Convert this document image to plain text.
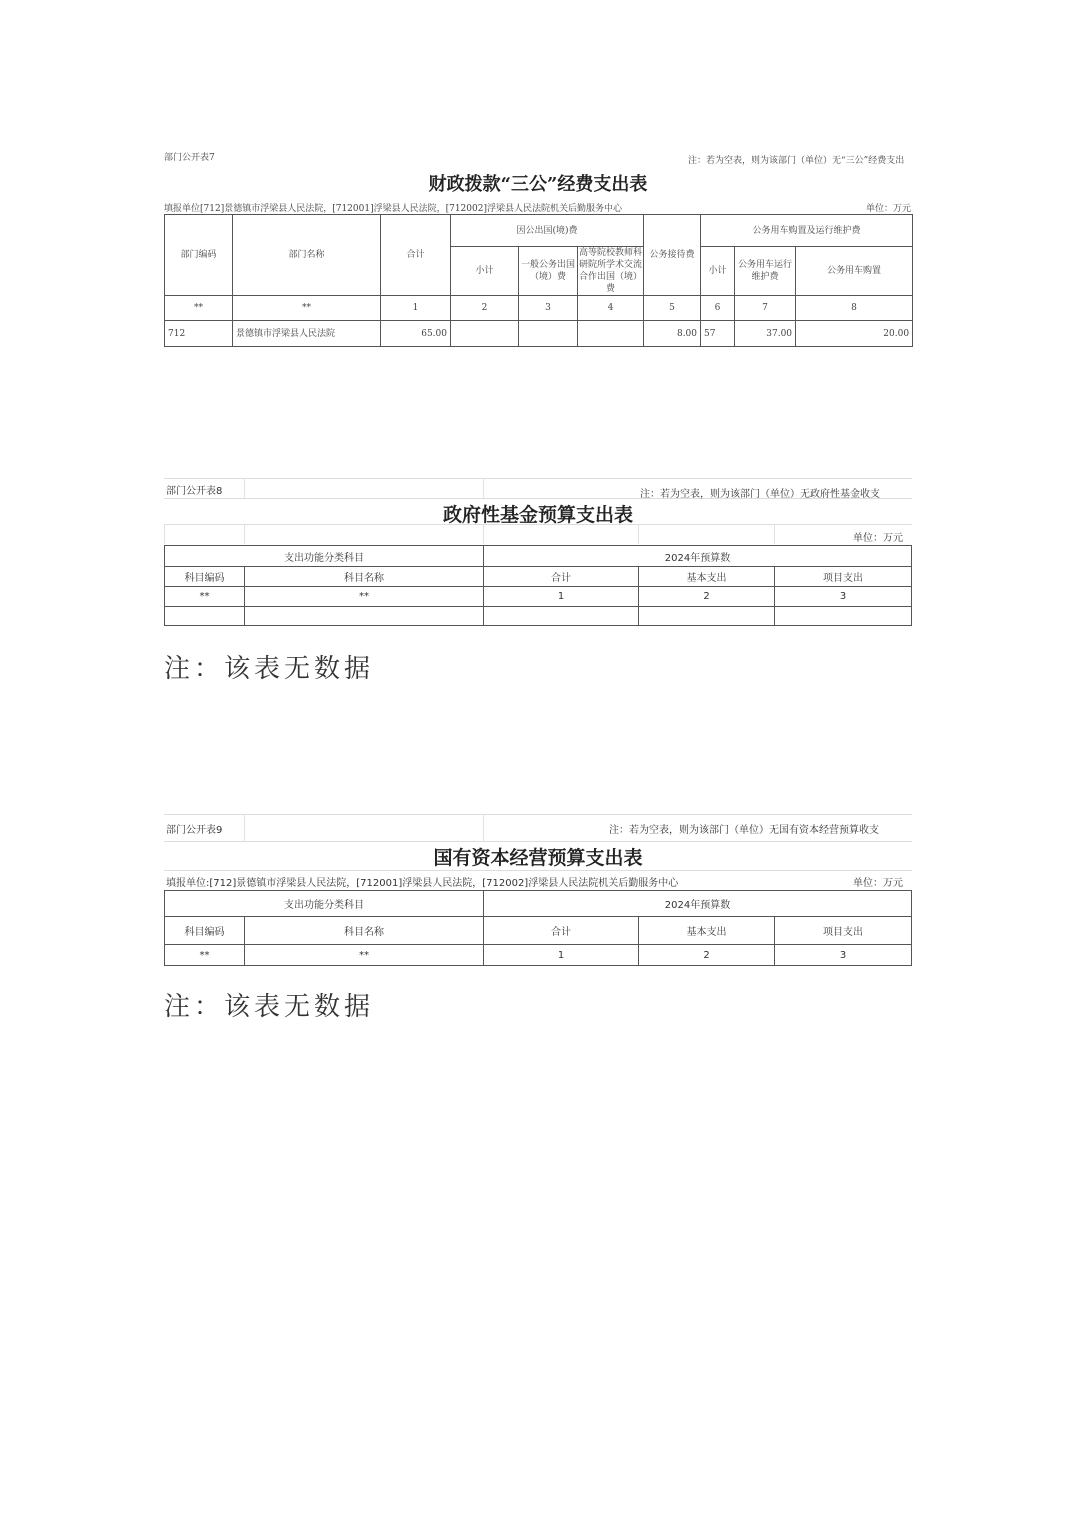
部门公开表7	注：若为空表，则为该部门（单位）无“三公”经费支出
财政拨款“三公”经费支出表
填报单位[712]景德镇市浮梁县人民法院，[712001]浮梁县人民法院，[712002]浮梁县人民法院机关后勤服务中心	单位：万元
部门编码	部门名称	合计	因公出国(境)费			公务接待费	公务用车购置及运行维护费		
			小计	一般公务出国（境）费	高等院校教师科研院所学术交流合作出国（境）费		小计	公务用车运行维护费	公务用车购置
**	**	1	2	3	4	5	6	7	8
712	景德镇市浮梁县人民法院	65.00				8.00	57	37.00	20.00
部门公开表8	注：若为空表，则为该部门（单位）无政府性基金收支
政府性基金预算支出表
单位：万元
支出功能分类科目		2024年预算数		
科目编码	科目名称	合计	基本支出	项目支出
**	**	1	2	3

注：该表无数据
部门公开表9	注：若为空表，则为该部门（单位）无国有资本经营预算收支
国有资本经营预算支出表
填报单位:[712]景德镇市浮梁县人民法院，[712001]浮梁县人民法院，[712002]浮梁县人民法院机关后勤服务中心	单位：万元
支出功能分类科目		2024年预算数		
科目编码	科目名称	合计	基本支出	项目支出
**	**	1	2	3
注：该表无数据
